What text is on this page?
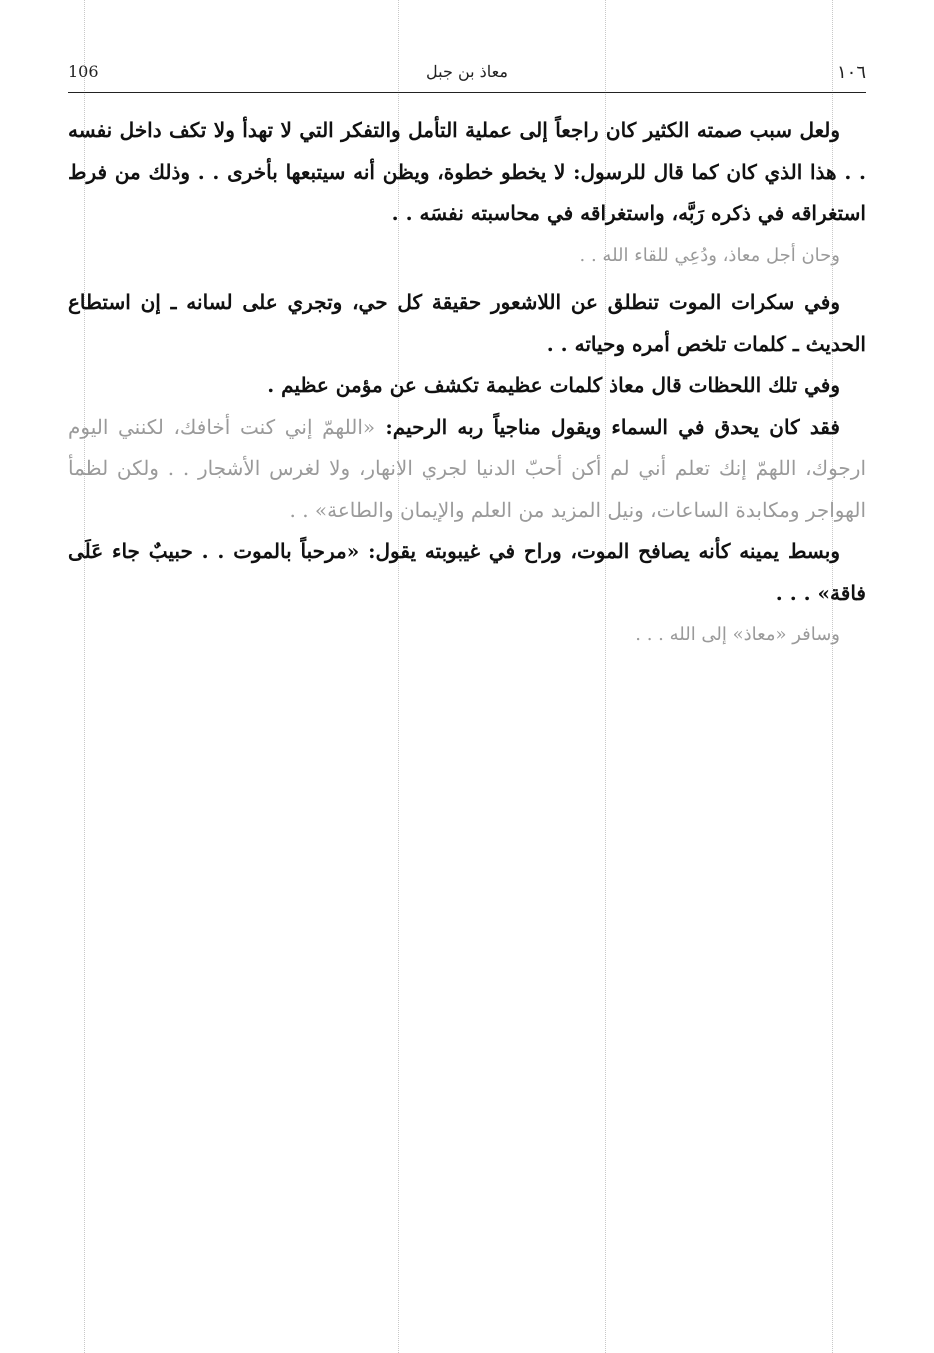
106	معاذ بن جبل	١٠٦

ولعل سبب صمته الكثير كان راجعاً إلى عملية التأمل والتفكر التي لا تهدأ ولا تكف داخل نفسه . . هذا الذي كان كما قال للرسول: لا يخطو خطوة، ويظن أنه سيتبعها بأخرى . . وذلك من فرط استغراقه في ذكره رَبَّه، واستغراقه في محاسبته نفسَه . .

وحان أجل معاذ، ودُعِي للقاء الله . .

وفي سكرات الموت تنطلق عن اللاشعور حقيقة كل حي، وتجري على لسانه ـ إن استطاع الحديث ـ كلمات تلخص أمره وحياته . .

وفي تلك اللحظات قال معاذ كلمات عظيمة تكشف عن مؤمن عظيم .

فقد كان يحدق في السماء ويقول مناجياً ربه الرحيم: «اللهمّ إني كنت أخافك، لكنني اليوم ارجوك، اللهمّ إنك تعلم أني لم أكن أحبّ الدنيا لجري الانهار، ولا لغرس الأشجار . . ولكن لظمأ الهواجر ومكابدة الساعات، ونيل المزيد من العلم والإيمان والطاعة» . .

وبسط يمينه كأنه يصافح الموت، وراح في غيبوبته يقول: «مرحباً بالموت . . حبيبٌ جاء عَلَى فاقة» . . .

وسافر «معاذ» إلى الله . . .
